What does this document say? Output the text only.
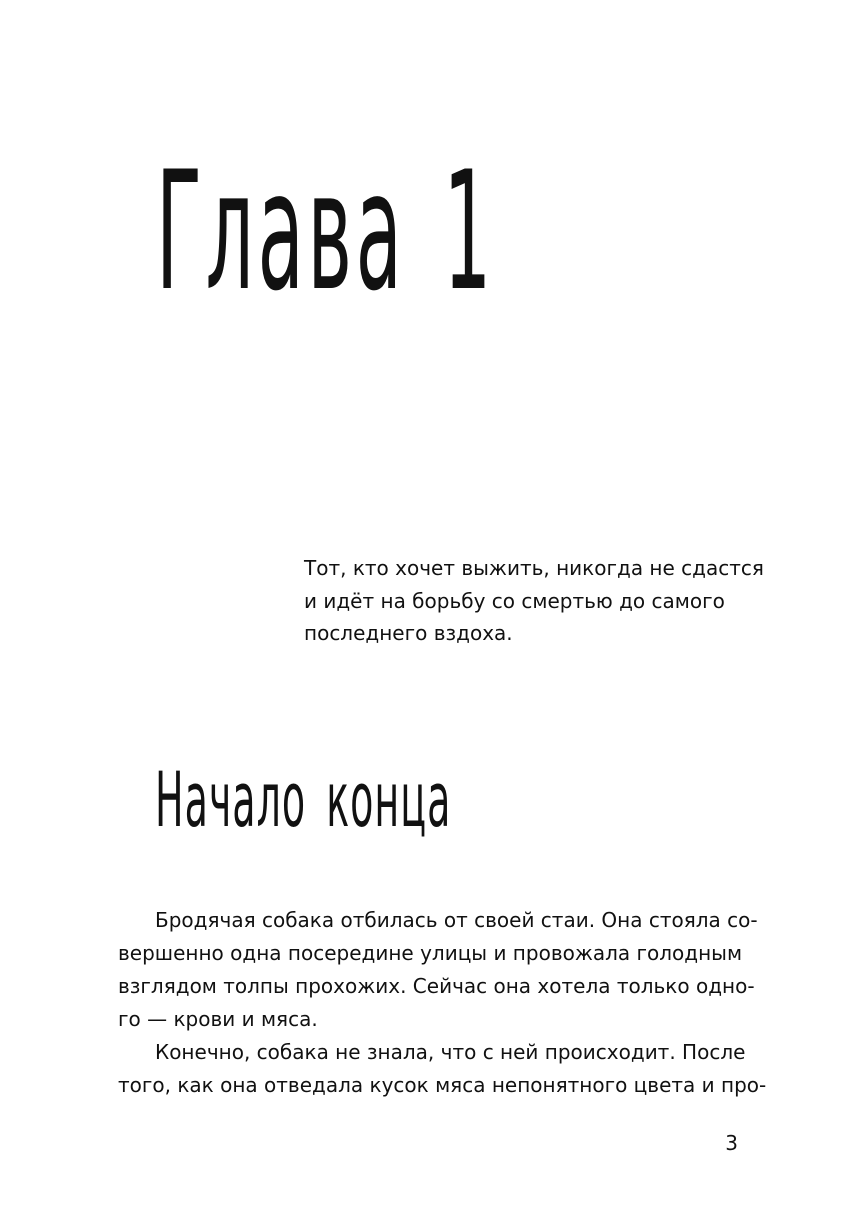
Глава 1
Тот, кто хочет выжить, никогда не сдастся
и идёт на борьбу со смертью до самого
последнего вздоха.
Начало конца
Бродячая собака отбилась от своей стаи. Она стояла со-
вершенно одна посередине улицы и провожала голодным
взглядом толпы прохожих. Сейчас она хотела только одно-
го — крови и мяса.
Конечно, собака не знала, что с ней происходит. После
того, как она отведала кусок мяса непонятного цвета и про-
3
